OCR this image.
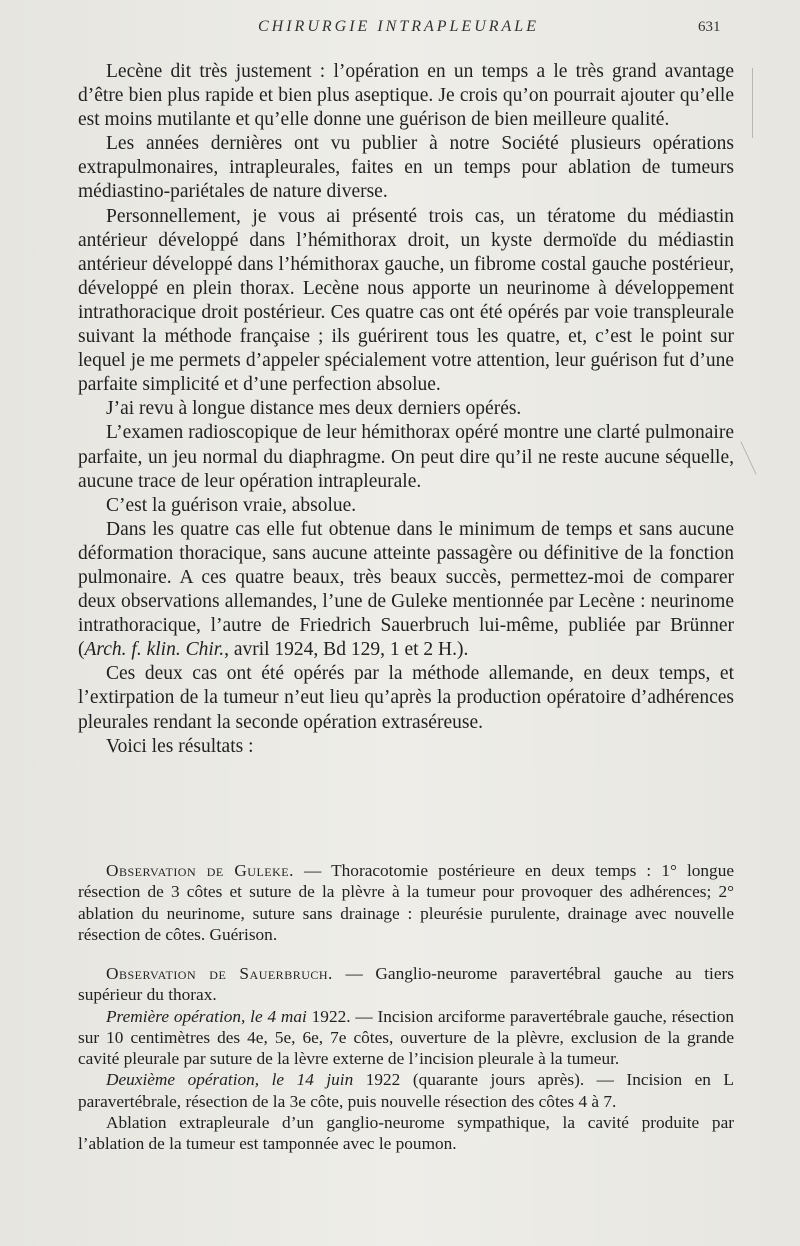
CHIRURGIE INTRAPLEURALE	631

Lecène dit très justement : l’opération en un temps a le très grand avantage d’être bien plus rapide et bien plus aseptique. Je crois qu’on pourrait ajouter qu’elle est moins mutilante et qu’elle donne une guérison de bien meilleure qualité.

Les années dernières ont vu publier à notre Société plusieurs opérations extrapulmonaires, intrapleurales, faites en un temps pour ablation de tumeurs médiastino-pariétales de nature diverse.

Personnellement, je vous ai présenté trois cas, un tératome du médiastin antérieur développé dans l’hémithorax droit, un kyste dermoïde du médiastin antérieur développé dans l’hémithorax gauche, un fibrome costal gauche postérieur, développé en plein thorax. Lecène nous apporte un neurinome à développement intrathoracique droit postérieur. Ces quatre cas ont été opérés par voie transpleurale suivant la méthode française ; ils guérirent tous les quatre, et, c’est le point sur lequel je me permets d’appeler spécialement votre attention, leur guérison fut d’une parfaite simplicité et d’une perfection absolue.

J’ai revu à longue distance mes deux derniers opérés.

L’examen radioscopique de leur hémithorax opéré montre une clarté pulmonaire parfaite, un jeu normal du diaphragme. On peut dire qu’il ne reste aucune séquelle, aucune trace de leur opération intrapleurale.

C’est la guérison vraie, absolue.

Dans les quatre cas elle fut obtenue dans le minimum de temps et sans aucune déformation thoracique, sans aucune atteinte passagère ou définitive de la fonction pulmonaire. A ces quatre beaux, très beaux succès, permettez-moi de comparer deux observations allemandes, l’une de Guleke mentionnée par Lecène : neurinome intrathoracique, l’autre de Friedrich Sauerbruch lui-même, publiée par Brünner (Arch. f. klin. Chir., avril 1924, Bd 129, 1 et 2 H.).

Ces deux cas ont été opérés par la méthode allemande, en deux temps, et l’extirpation de la tumeur n’eut lieu qu’après la production opératoire d’adhérences pleurales rendant la seconde opération extraséreuse.

Voici les résultats :

Observation de Guleke. — Thoracotomie postérieure en deux temps : 1° longue résection de 3 côtes et suture de la plèvre à la tumeur pour provoquer des adhérences; 2° ablation du neurinome, suture sans drainage : pleurésie purulente, drainage avec nouvelle résection de côtes. Guérison.

Observation de Sauerbruch. — Ganglio-neurome paravertébral gauche au tiers supérieur du thorax.

Première opération, le 4 mai 1922. — Incision arciforme paravertébrale gauche, résection sur 10 centimètres des 4e, 5e, 6e, 7e côtes, ouverture de la plèvre, exclusion de la grande cavité pleurale par suture de la lèvre externe de l’incision pleurale à la tumeur.

Deuxième opération, le 14 juin 1922 (quarante jours après). — Incision en L paravertébrale, résection de la 3e côte, puis nouvelle résection des côtes 4 à 7.

Ablation extrapleurale d’un ganglio-neurome sympathique, la cavité produite par l’ablation de la tumeur est tamponnée avec le poumon.
